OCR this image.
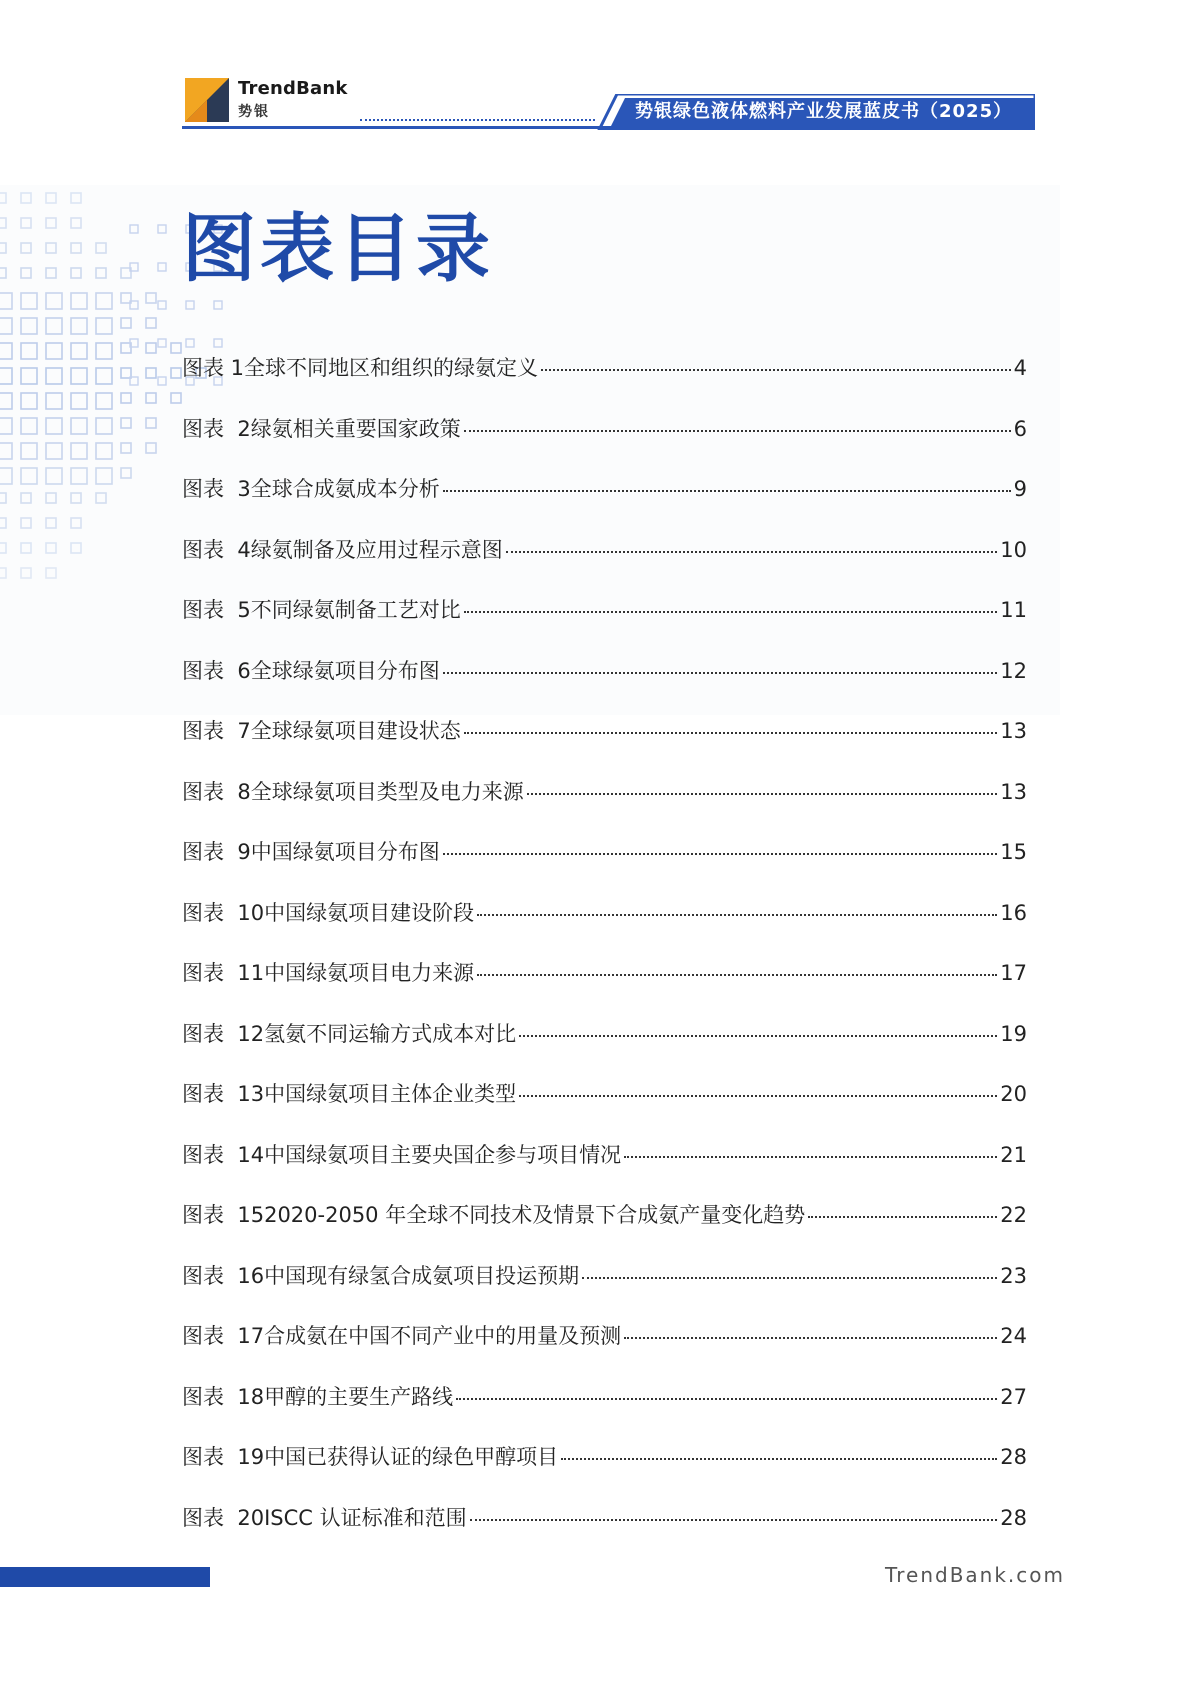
TrendBank
势银	势银绿色液体燃料产业发展蓝皮书（2025）
图表目录
图表 1 全球不同地区和组织的绿氨定义	4
图表  2 绿氨相关重要国家政策	6
图表  3 全球合成氨成本分析	9
图表  4 绿氨制备及应用过程示意图	10
图表  5 不同绿氨制备工艺对比	11
图表  6 全球绿氨项目分布图	12
图表  7 全球绿氨项目建设状态	13
图表  8 全球绿氨项目类型及电力来源	13
图表  9 中国绿氨项目分布图	15
图表  10 中国绿氨项目建设阶段	16
图表  11 中国绿氨项目电力来源	17
图表  12 氢氨不同运输方式成本对比	19
图表  13 中国绿氨项目主体企业类型	20
图表  14 中国绿氨项目主要央国企参与项目情况	21
图表  15 2020-2050 年全球不同技术及情景下合成氨产量变化趋势	22
图表  16 中国现有绿氢合成氨项目投运预期	23
图表  17 合成氨在中国不同产业中的用量及预测	24
图表  18 甲醇的主要生产路线	27
图表  19 中国已获得认证的绿色甲醇项目	28
图表  20 ISCC 认证标准和范围	28
TrendBank.com
